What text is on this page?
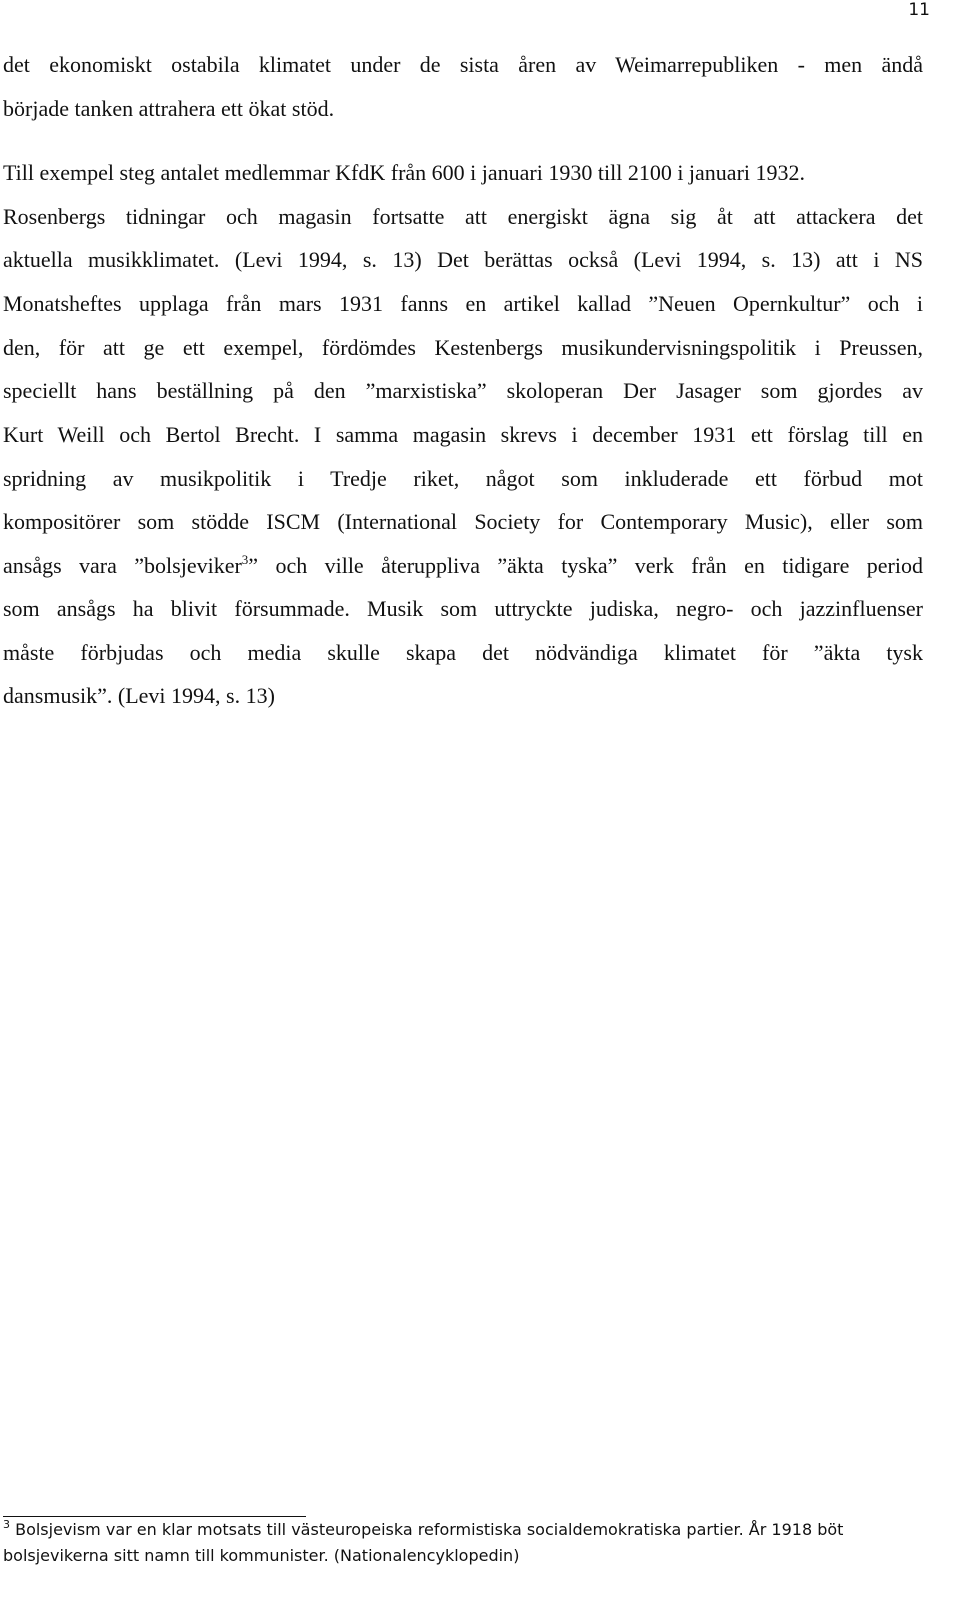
11
det ekonomiskt ostabila klimatet under de sista åren av Weimarrepubliken - men ändå
började tanken attrahera ett ökat stöd.
Till exempel steg antalet medlemmar KfdK från 600 i januari 1930 till 2100 i januari 1932.
Rosenbergs tidningar och magasin fortsatte att energiskt ägna sig åt att attackera det
aktuella musikklimatet. (Levi 1994, s. 13) Det berättas också (Levi 1994, s. 13) att i NS
Monatsheftes upplaga från mars 1931 fanns en artikel kallad ”Neuen Opernkultur” och i
den, för att ge ett exempel, fördömdes Kestenbergs musikundervisningspolitik i Preussen,
speciellt hans beställning på den ”marxistiska” skoloperan Der Jasager som gjordes av
Kurt Weill och Bertol Brecht. I samma magasin skrevs i december 1931 ett förslag till en
spridning av musikpolitik i Tredje riket, något som inkluderade ett förbud mot
kompositörer som stödde ISCM (International Society for Contemporary Music), eller som
ansågs vara ”bolsjeviker$^3$” och ville återuppliva ”äkta tyska” verk från en tidigare period
som ansågs ha blivit försummade. Musik som uttryckte judiska, negro- och jazzinfluenser
måste förbjudas och media skulle skapa det nödvändiga klimatet för ”äkta tysk
dansmusik”. (Levi 1994, s. 13)
$^3$ Bolsjevism var en klar motsats till västeuropeiska reformistiska socialdemokratiska partier. År 1918 böt
bolsjevikerna sitt namn till kommunister. (Nationalencyklopedin)
